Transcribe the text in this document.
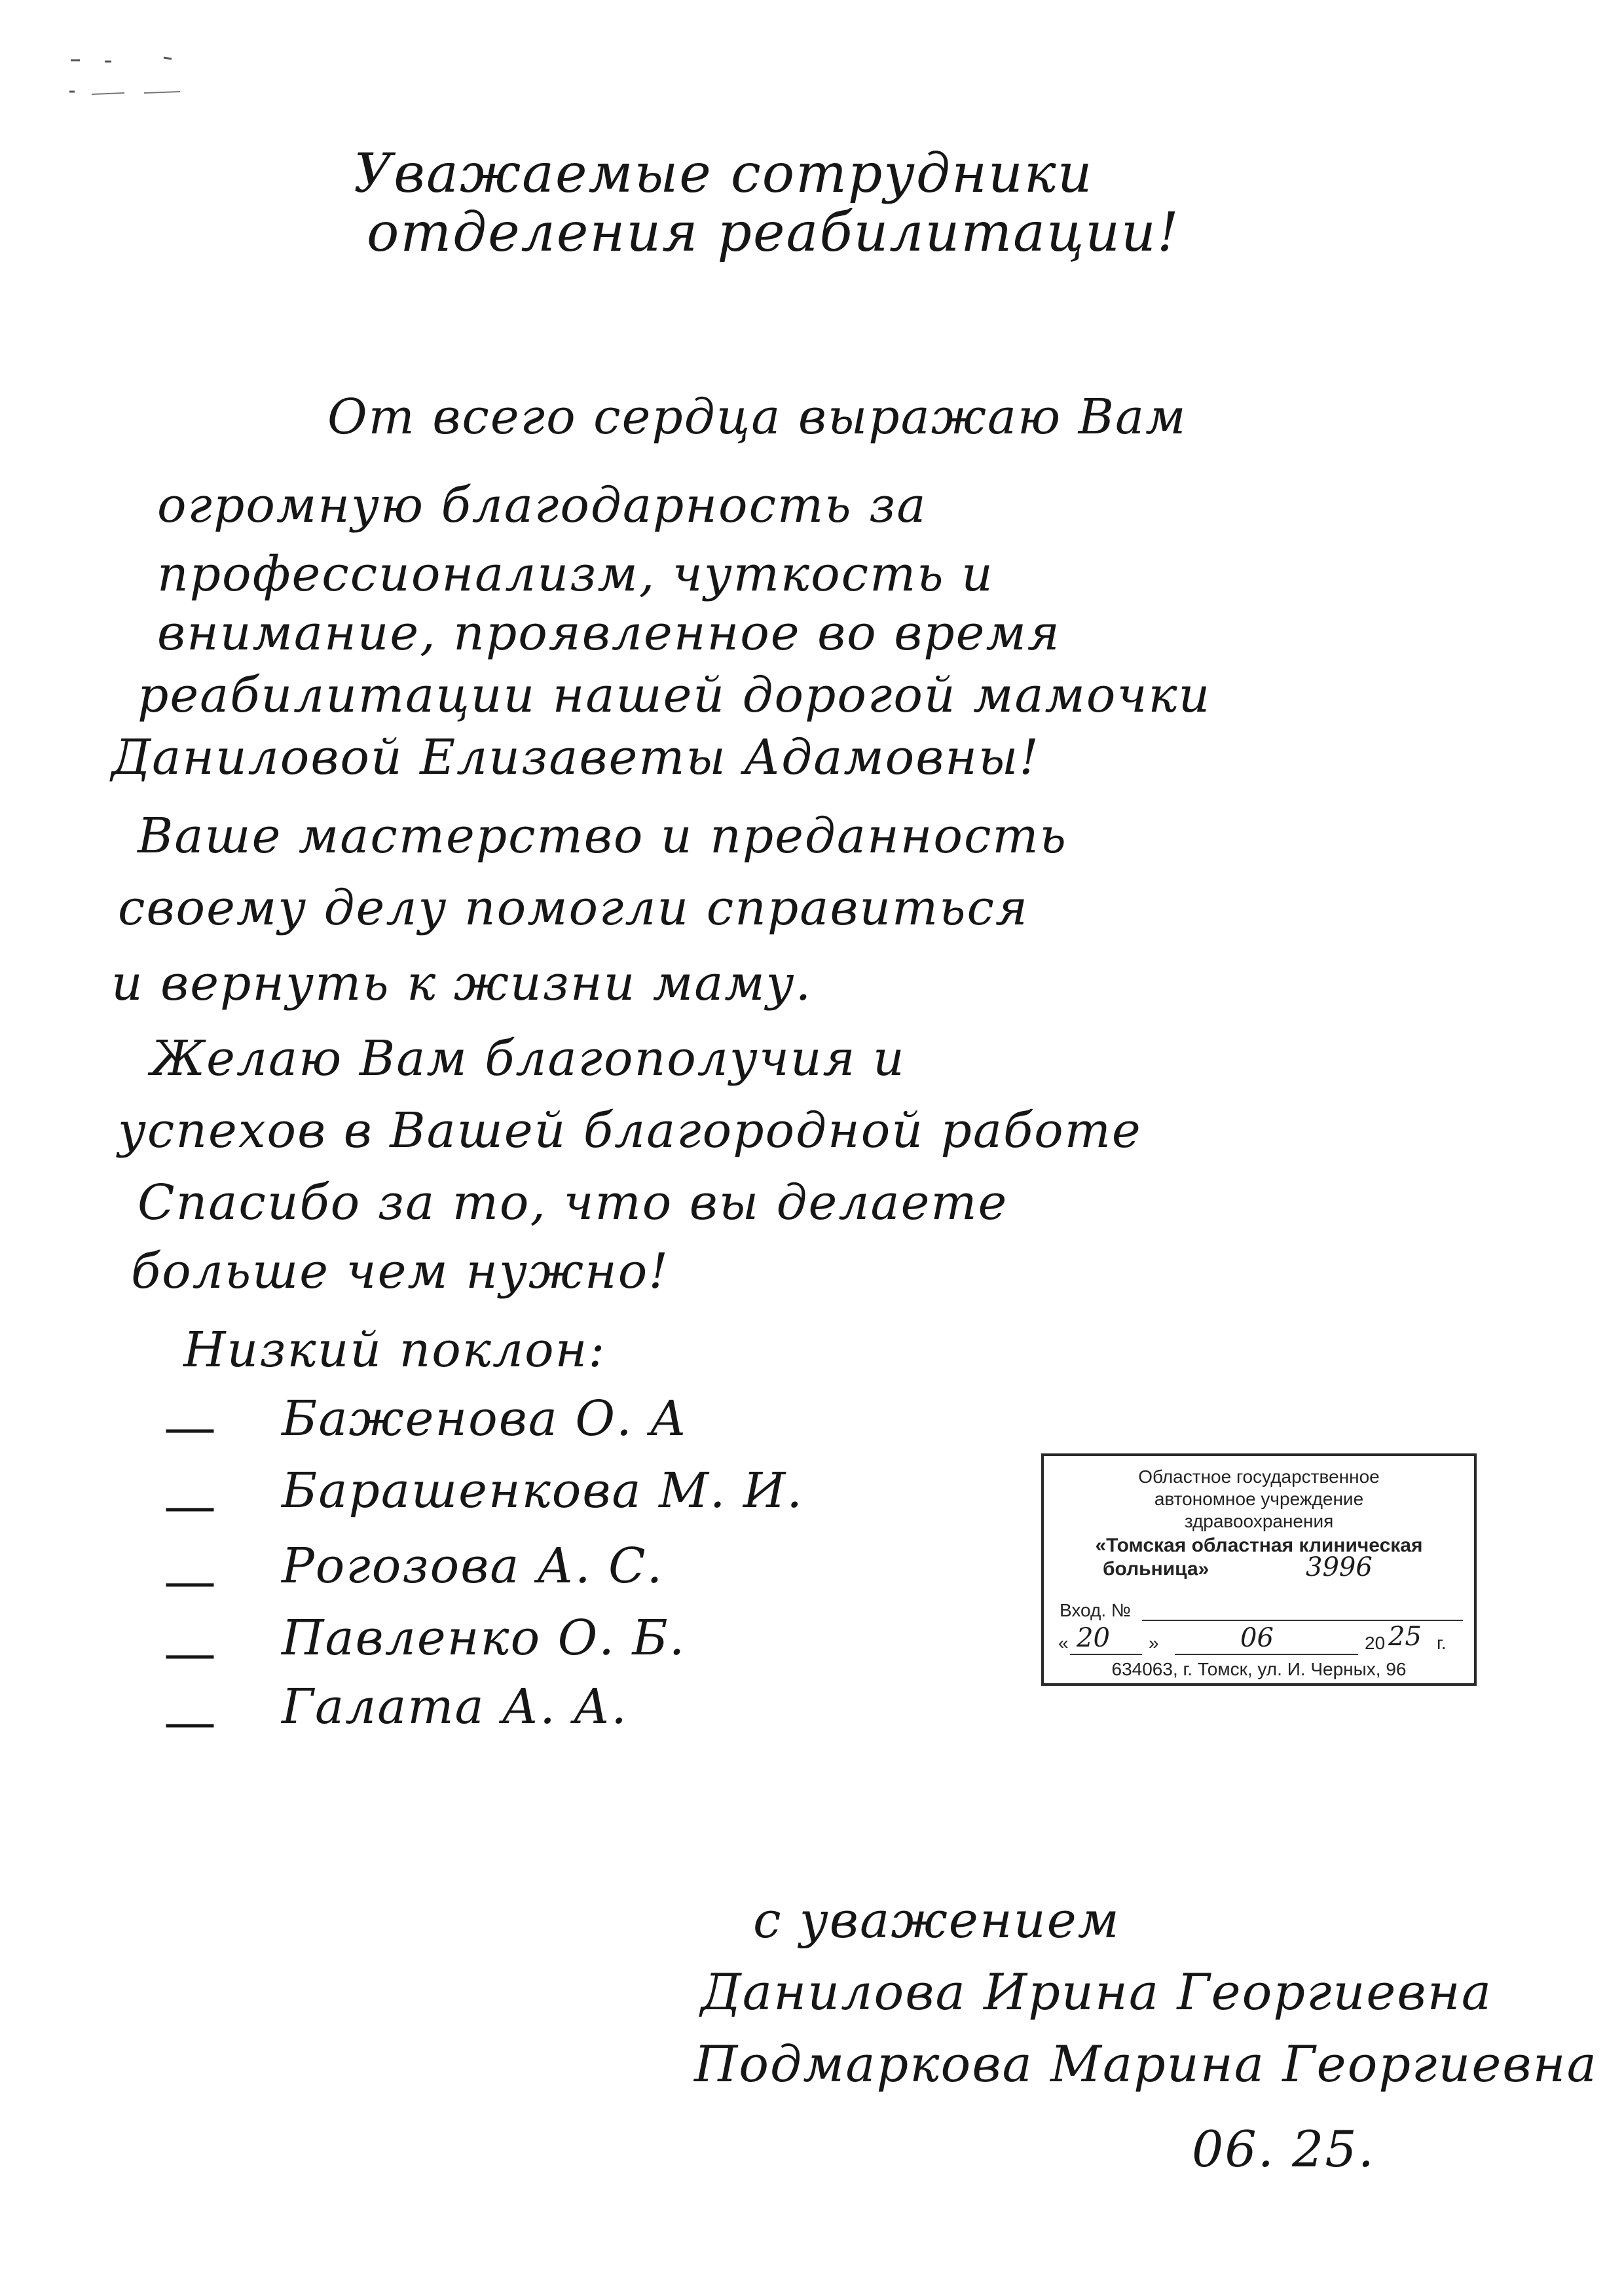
Уважаемые сотрудники
отделения реабилитации!
От всего сердца выражаю Вам
огромную благодарность за
профессионализм, чуткость и
внимание, проявленное во время
реабилитации нашей дорогой мамочки
Даниловой Елизаветы Адамовны!
Ваше мастерство и преданность
своему делу помогли справиться
и вернуть к жизни маму.
Желаю Вам благополучия и
успехов в Вашей благородной работе
Спасибо за то, что вы делаете
больше чем нужно!
Низкий поклон:
— Баженова О. А
— Барашенкова М. И.
— Рогозова А. С.
— Павленко О. Б.
— Галата А. А.
Областное государственное
автономное учреждение
здравоохранения
«Томская областная клиническая
больница»	3996
Вход. №
« 20 »	06	20 25 г.
634063, г. Томск, ул. И. Черных, 96
с уважением
Данилова Ирина Георгиевна
Подмаркова Марина Георгиевна
06. 25.
